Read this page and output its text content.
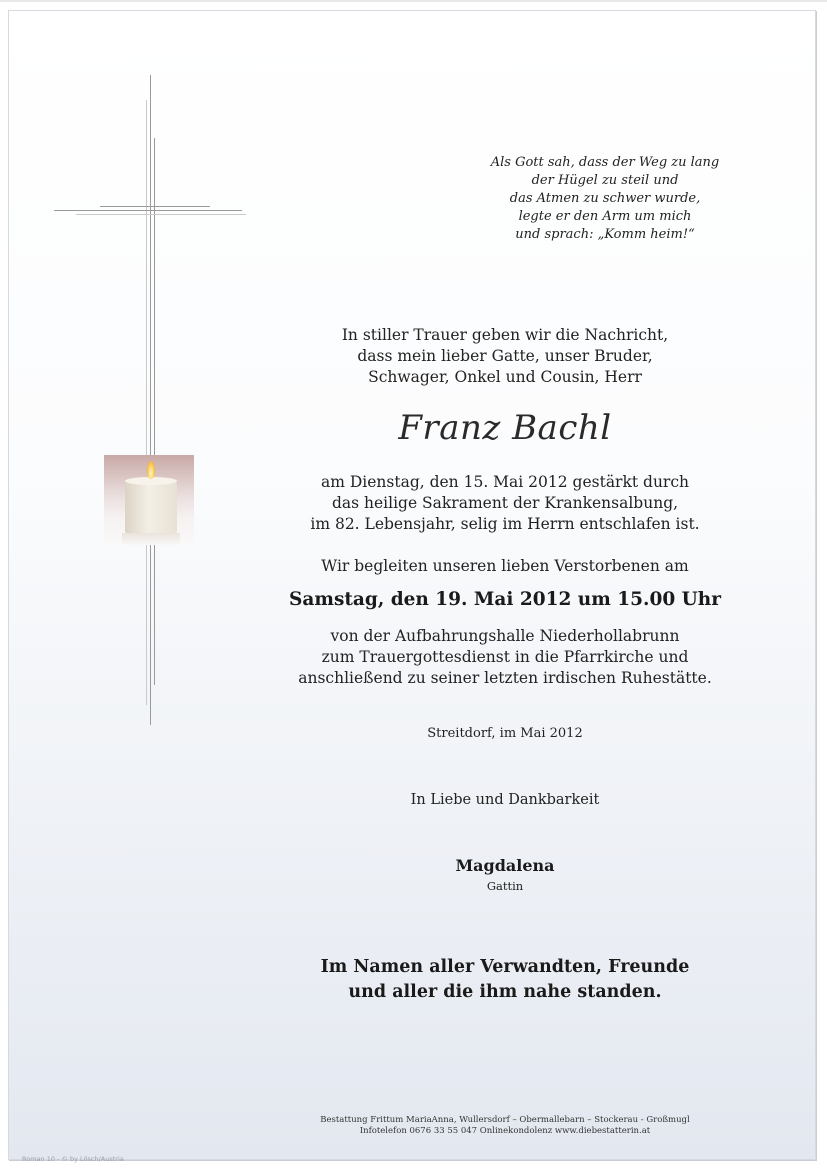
Als Gott sah, dass der Weg zu lang
der Hügel zu steil und
das Atmen zu schwer wurde,
legte er den Arm um mich
und sprach: „Komm heim!“
In stiller Trauer geben wir die Nachricht,
dass mein lieber Gatte, unser Bruder,
Schwager, Onkel und Cousin, Herr
Franz Bachl
am Dienstag, den 15. Mai 2012 gestärkt durch
das heilige Sakrament der Krankensalbung,
im 82. Lebensjahr, selig im Herrn entschlafen ist.
Wir begleiten unseren lieben Verstorbenen am
Samstag, den 19. Mai 2012 um 15.00 Uhr
von der Aufbahrungshalle Niederhollabrunn
zum Trauergottesdienst in die Pfarrkirche und
anschließend zu seiner letzten irdischen Ruhestätte.
Streitdorf, im Mai 2012
In Liebe und Dankbarkeit
Magdalena
Gattin
Im Namen aller Verwandten, Freunde
und aller die ihm nahe standen.
Bestattung Frittum MariaAnna, Wullersdorf – Obermallebarn – Stockerau - Großmugl
Infotelefon 0676 33 55 047 Onlinekondolenz www.diebestatterin.at
Roman 10 - © by Lösch/Austria
